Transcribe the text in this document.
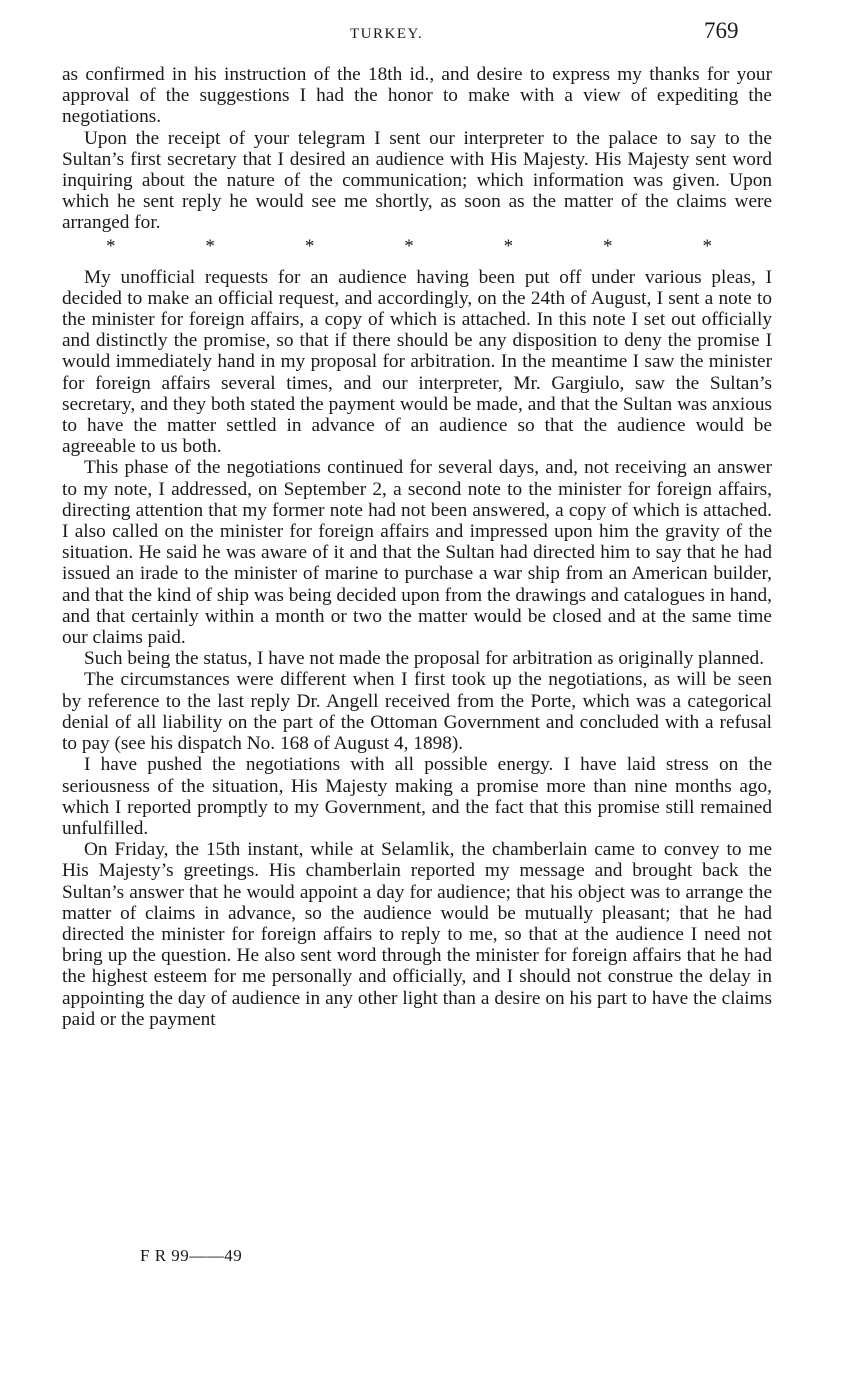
TURKEY.	769

as confirmed in his instruction of the 18th id., and desire to express my thanks for your approval of the suggestions I had the honor to make with a view of expediting the negotiations.

Upon the receipt of your telegram I sent our interpreter to the palace to say to the Sultan’s first secretary that I desired an audience with His Majesty. His Majesty sent word inquiring about the nature of the communication; which information was given. Upon which he sent reply he would see me shortly, as soon as the matter of the claims were arranged for.

*	*	*	*	*	*	*

My unofficial requests for an audience having been put off under various pleas, I decided to make an official request, and accordingly, on the 24th of August, I sent a note to the minister for foreign affairs, a copy of which is attached. In this note I set out officially and distinctly the promise, so that if there should be any disposition to deny the promise I would immediately hand in my proposal for arbitration. In the meantime I saw the minister for foreign affairs several times, and our interpreter, Mr. Gargiulo, saw the Sultan’s secretary, and they both stated the payment would be made, and that the Sultan was anxious to have the matter settled in advance of an audience so that the audience would be agreeable to us both.

This phase of the negotiations continued for several days, and, not receiving an answer to my note, I addressed, on September 2, a second note to the minister for foreign affairs, directing attention that my former note had not been answered, a copy of which is attached. I also called on the minister for foreign affairs and impressed upon him the gravity of the situation. He said he was aware of it and that the Sultan had directed him to say that he had issued an irade to the minister of marine to purchase a war ship from an American builder, and that the kind of ship was being decided upon from the drawings and catalogues in hand, and that certainly within a month or two the matter would be closed and at the same time our claims paid.

Such being the status, I have not made the proposal for arbitration as originally planned.

The circumstances were different when I first took up the negotiations, as will be seen by reference to the last reply Dr. Angell received from the Porte, which was a categorical denial of all liability on the part of the Ottoman Government and concluded with a refusal to pay (see his dispatch No. 168 of August 4, 1898).

I have pushed the negotiations with all possible energy. I have laid stress on the seriousness of the situation, His Majesty making a promise more than nine months ago, which I reported promptly to my Government, and the fact that this promise still remained unfulfilled.

On Friday, the 15th instant, while at Selamlik, the chamberlain came to convey to me His Majesty’s greetings. His chamberlain reported my message and brought back the Sultan’s answer that he would appoint a day for audience; that his object was to arrange the matter of claims in advance, so the audience would be mutually pleasant; that he had directed the minister for foreign affairs to reply to me, so that at the audience I need not bring up the question. He also sent word through the minister for foreign affairs that he had the highest esteem for me personally and officially, and I should not construe the delay in appointing the day of audience in any other light than a desire on his part to have the claims paid or the payment

F R 99——49
